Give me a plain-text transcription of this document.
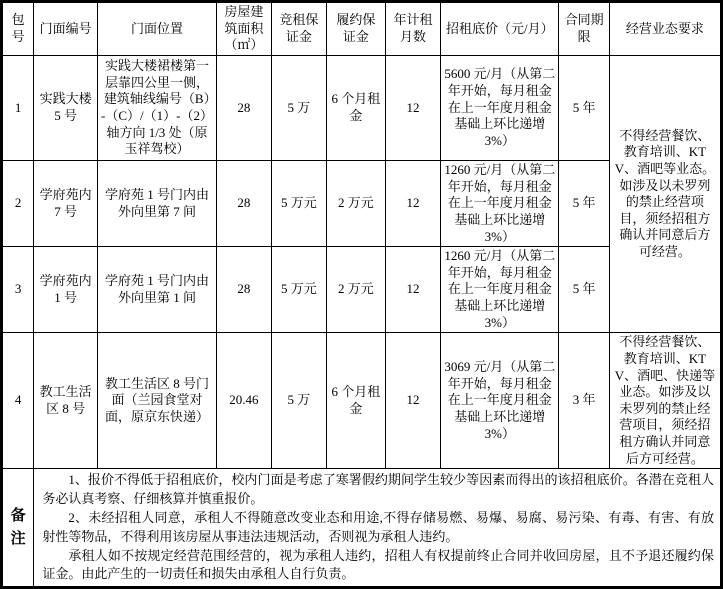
包号	门面编号	门面位置	房屋建筑面积（㎡）	竞租保证金	履约保证金	年计租月数	招租底价（元/月）	合同期限	经营业态要求
1	实践大楼5 号	实践大楼裙楼第一层靠四公里一侧，建筑轴线编号（B）-（C）/（1）-（2）轴方向 1/3 处（原玉祥驾校）	28	5 万	6 个月租金	12	5600 元/月（从第二年开始，每月租金在上一年度月租金基础上环比递增 3%）	5 年	不得经营餐饮、教育培训、KTV、酒吧等业态。如涉及以未罗列的禁止经营项目，须经招租方确认并同意后方可经营。
2	学府苑内7 号	学府苑 1 号门内由外向里第 7 间	28	5 万元	2 万元	12	1260 元/月（从第二年开始，每月租金在上一年度月租金基础上环比递增 3%）	5 年	
3	学府苑内1 号	学府苑 1 号门内由外向里第 1 间	28	5 万元	2 万元	12	1260 元/月（从第二年开始，每月租金在上一年度月租金基础上环比递增 3%）	5 年	
4	教工生活区 8 号	教工生活区 8 号门面（兰园食堂对面，原京东快递）	20.46	5 万	6 个月租金	12	3069 元/月（从第二年开始，每月租金在上一年度月租金基础上环比递增 3%）	3 年	不得经营餐饮、教育培训、KTV、酒吧、快递等业态。如涉及以未罗列的禁止经营项目，须经招租方确认并同意后方可经营。

备注	1、报价不得低于招租底价，校内门面是考虑了寒署假约期间学生较少等因素而得出的该招租底价。各潜在竞租人务必认真考察、仔细核算并慎重报价。

2、未经招租人同意，承租人不得随意改变业态和用途,不得存储易燃、易爆、易腐、易污染、有毒、有害、有放射性等物品，不得利用该房屋从事违法违规活动，否则视为承租人违约。

承租人如不按规定经营范围经营的，视为承租人违约，招租人有权提前终止合同并收回房屋，且不予退还履约保证金。由此产生的一切责任和损失由承租人自行负责。								
